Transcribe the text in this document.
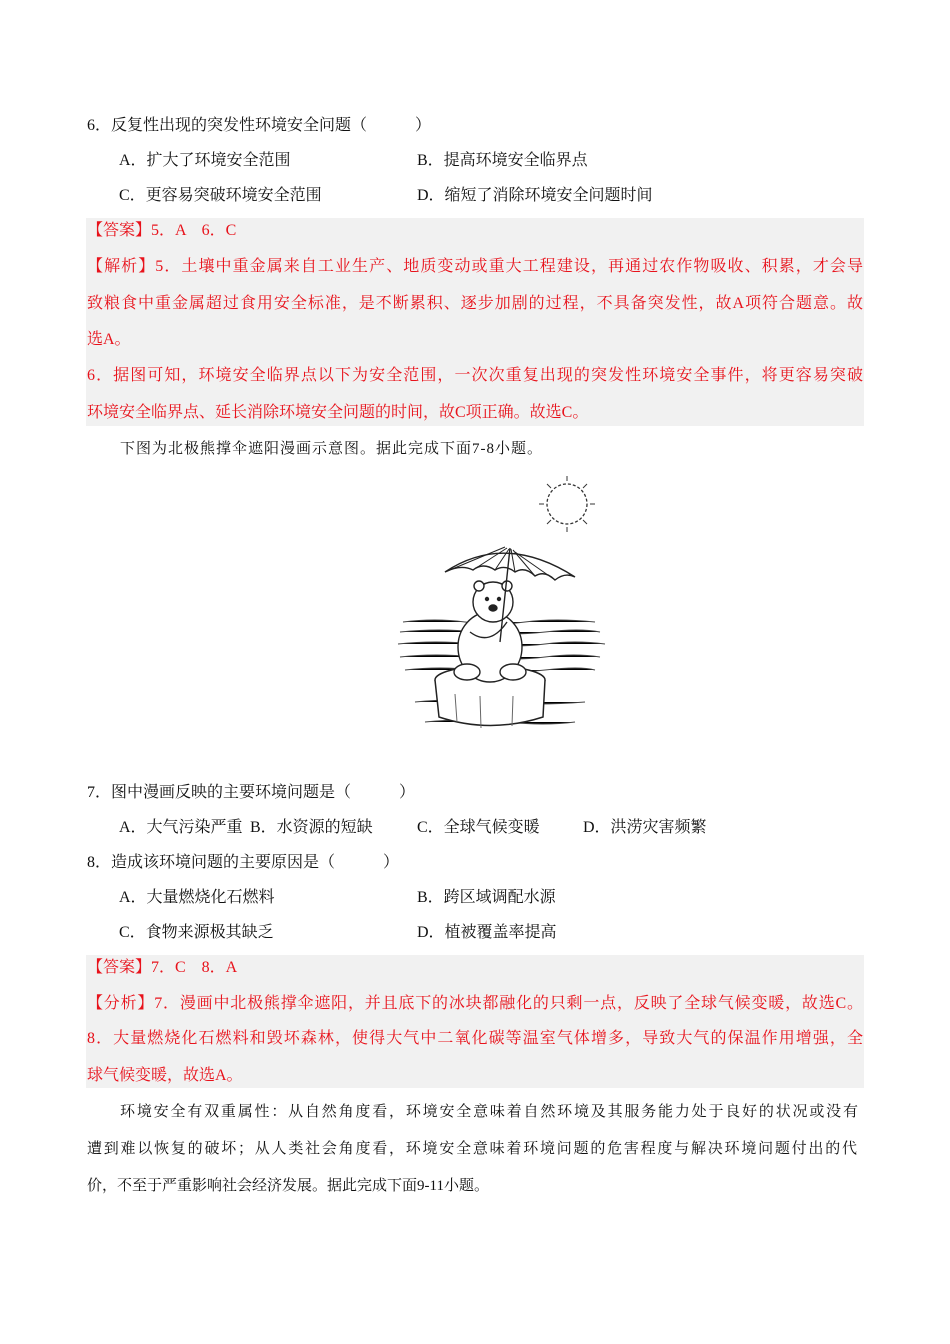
6．反复性出现的突发性环境安全问题（　　　）
A．扩大了环境安全范围	B．提高环境安全临界点
C．更容易突破环境安全范围	D．缩短了消除环境安全问题时间
【答案】5．A　6．C
【解析】5．土壤中重金属来自工业生产、地质变动或重大工程建设，再通过农作物吸收、积累，才会导
致粮食中重金属超过食用安全标准，是不断累积、逐步加剧的过程，不具备突发性，故A项符合题意。故
选A。
6．据图可知，环境安全临界点以下为安全范围，一次次重复出现的突发性环境安全事件，将更容易突破
环境安全临界点、延长消除环境安全问题的时间，故C项正确。故选C。
下图为北极熊撑伞遮阳漫画示意图。据此完成下面7-8小题。
7．图中漫画反映的主要环境问题是（　　　）
A．大气污染严重 B．水资源的短缺	C．全球气候变暖	D．洪涝灾害频繁
8．造成该环境问题的主要原因是（　　　）
A．大量燃烧化石燃料	B．跨区域调配水源
C．食物来源极其缺乏	D．植被覆盖率提高
【答案】7．C　8．A
【分析】7．漫画中北极熊撑伞遮阳，并且底下的冰块都融化的只剩一点，反映了全球气候变暖，故选C。
8．大量燃烧化石燃料和毁坏森林，使得大气中二氧化碳等温室气体增多，导致大气的保温作用增强，全
球气候变暖，故选A。
环境安全有双重属性：从自然角度看，环境安全意味着自然环境及其服务能力处于良好的状况或没有
遭到难以恢复的破坏；从人类社会角度看，环境安全意味着环境问题的危害程度与解决环境问题付出的代
价，不至于严重影响社会经济发展。据此完成下面9-11小题。
